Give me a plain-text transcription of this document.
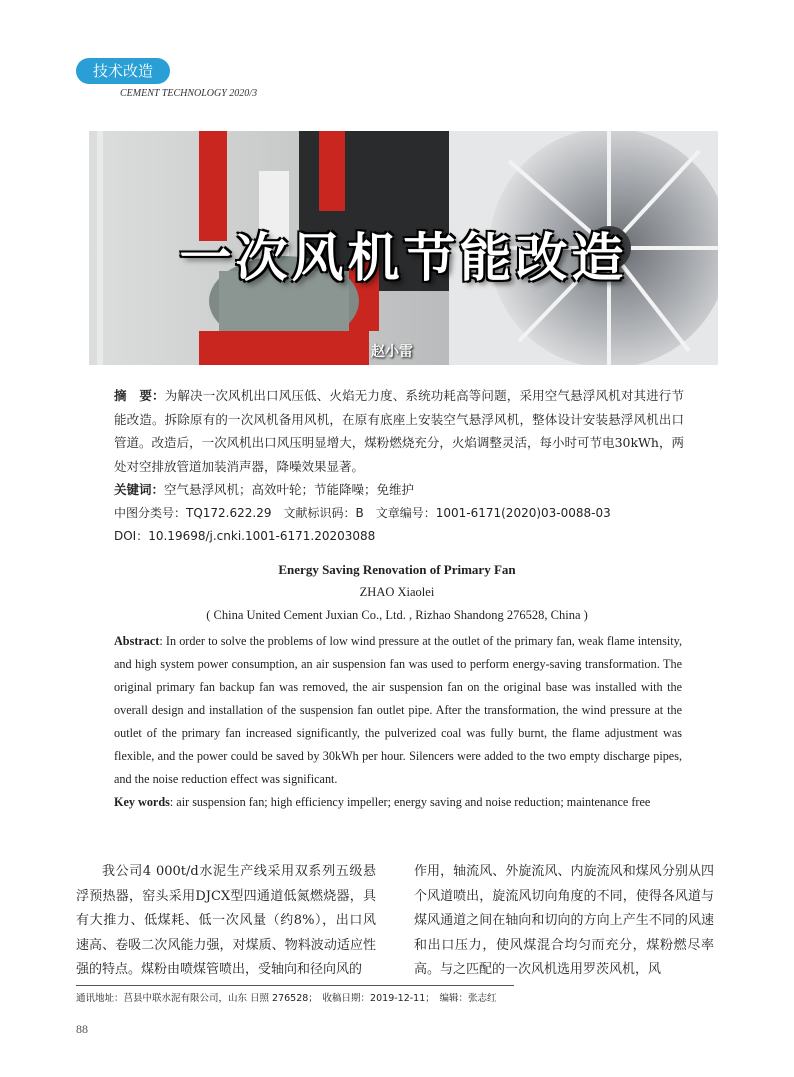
技术改造
CEMENT TECHNOLOGY 2020/3
一次风机节能改造
赵小雷

摘　要：为解决一次风机出口风压低、火焰无力度、系统功耗高等问题，采用空气悬浮风机对其进行节能改造。拆除原有的一次风机备用风机，在原有底座上安装空气悬浮风机，整体设计安装悬浮风机出口管道。改造后，一次风机出口风压明显增大，煤粉燃烧充分，火焰调整灵活，每小时可节电30kWh，两处对空排放管道加装消声器，降噪效果显著。

关键词：空气悬浮风机；高效叶轮；节能降噪；免维护

中图分类号：TQ172.622.29　文献标识码：B　文章编号：1001-6171(2020)03-0088-03

DOI：10.19698/j.cnki.1001-6171.20203088

Energy Saving Renovation of Primary Fan
ZHAO Xiaolei
( China United Cement Juxian Co., Ltd. , Rizhao Shandong 276528, China )

Abstract: In order to solve the problems of low wind pressure at the outlet of the primary fan, weak flame intensity, and high system power consumption, an air suspension fan was used to perform energy-saving transformation. The original primary fan backup fan was removed, the air suspension fan on the original base was installed with the overall design and installation of the suspension fan outlet pipe. After the transformation, the wind pressure at the outlet of the primary fan increased significantly, the pulverized coal was fully burnt, the flame adjustment was flexible, and the power could be saved by 30kWh per hour. Silencers were added to the two empty discharge pipes, and the noise reduction effect was significant.

Key words: air suspension fan; high efficiency impeller; energy saving and noise reduction; maintenance free

我公司4 000t/d水泥生产线采用双系列五级悬浮预热器，窑头采用DJCX型四通道低氮燃烧器，具有大推力、低煤耗、低一次风量（约8%），出口风速高、卷吸二次风能力强，对煤质、物料波动适应性强的特点。煤粉由喷煤管喷出，受轴向和径向风的

作用，轴流风、外旋流风、内旋流风和煤风分别从四个风道喷出，旋流风切向角度的不同，使得各风道与煤风通道之间在轴向和切向的方向上产生不同的风速和出口压力，使风煤混合均匀而充分，煤粉燃尽率高。与之匹配的一次风机选用罗茨风机，风

通讯地址：莒县中联水泥有限公司，山东 日照 276528；　收稿日期：2019-12-11；　编辑：张志红
88
